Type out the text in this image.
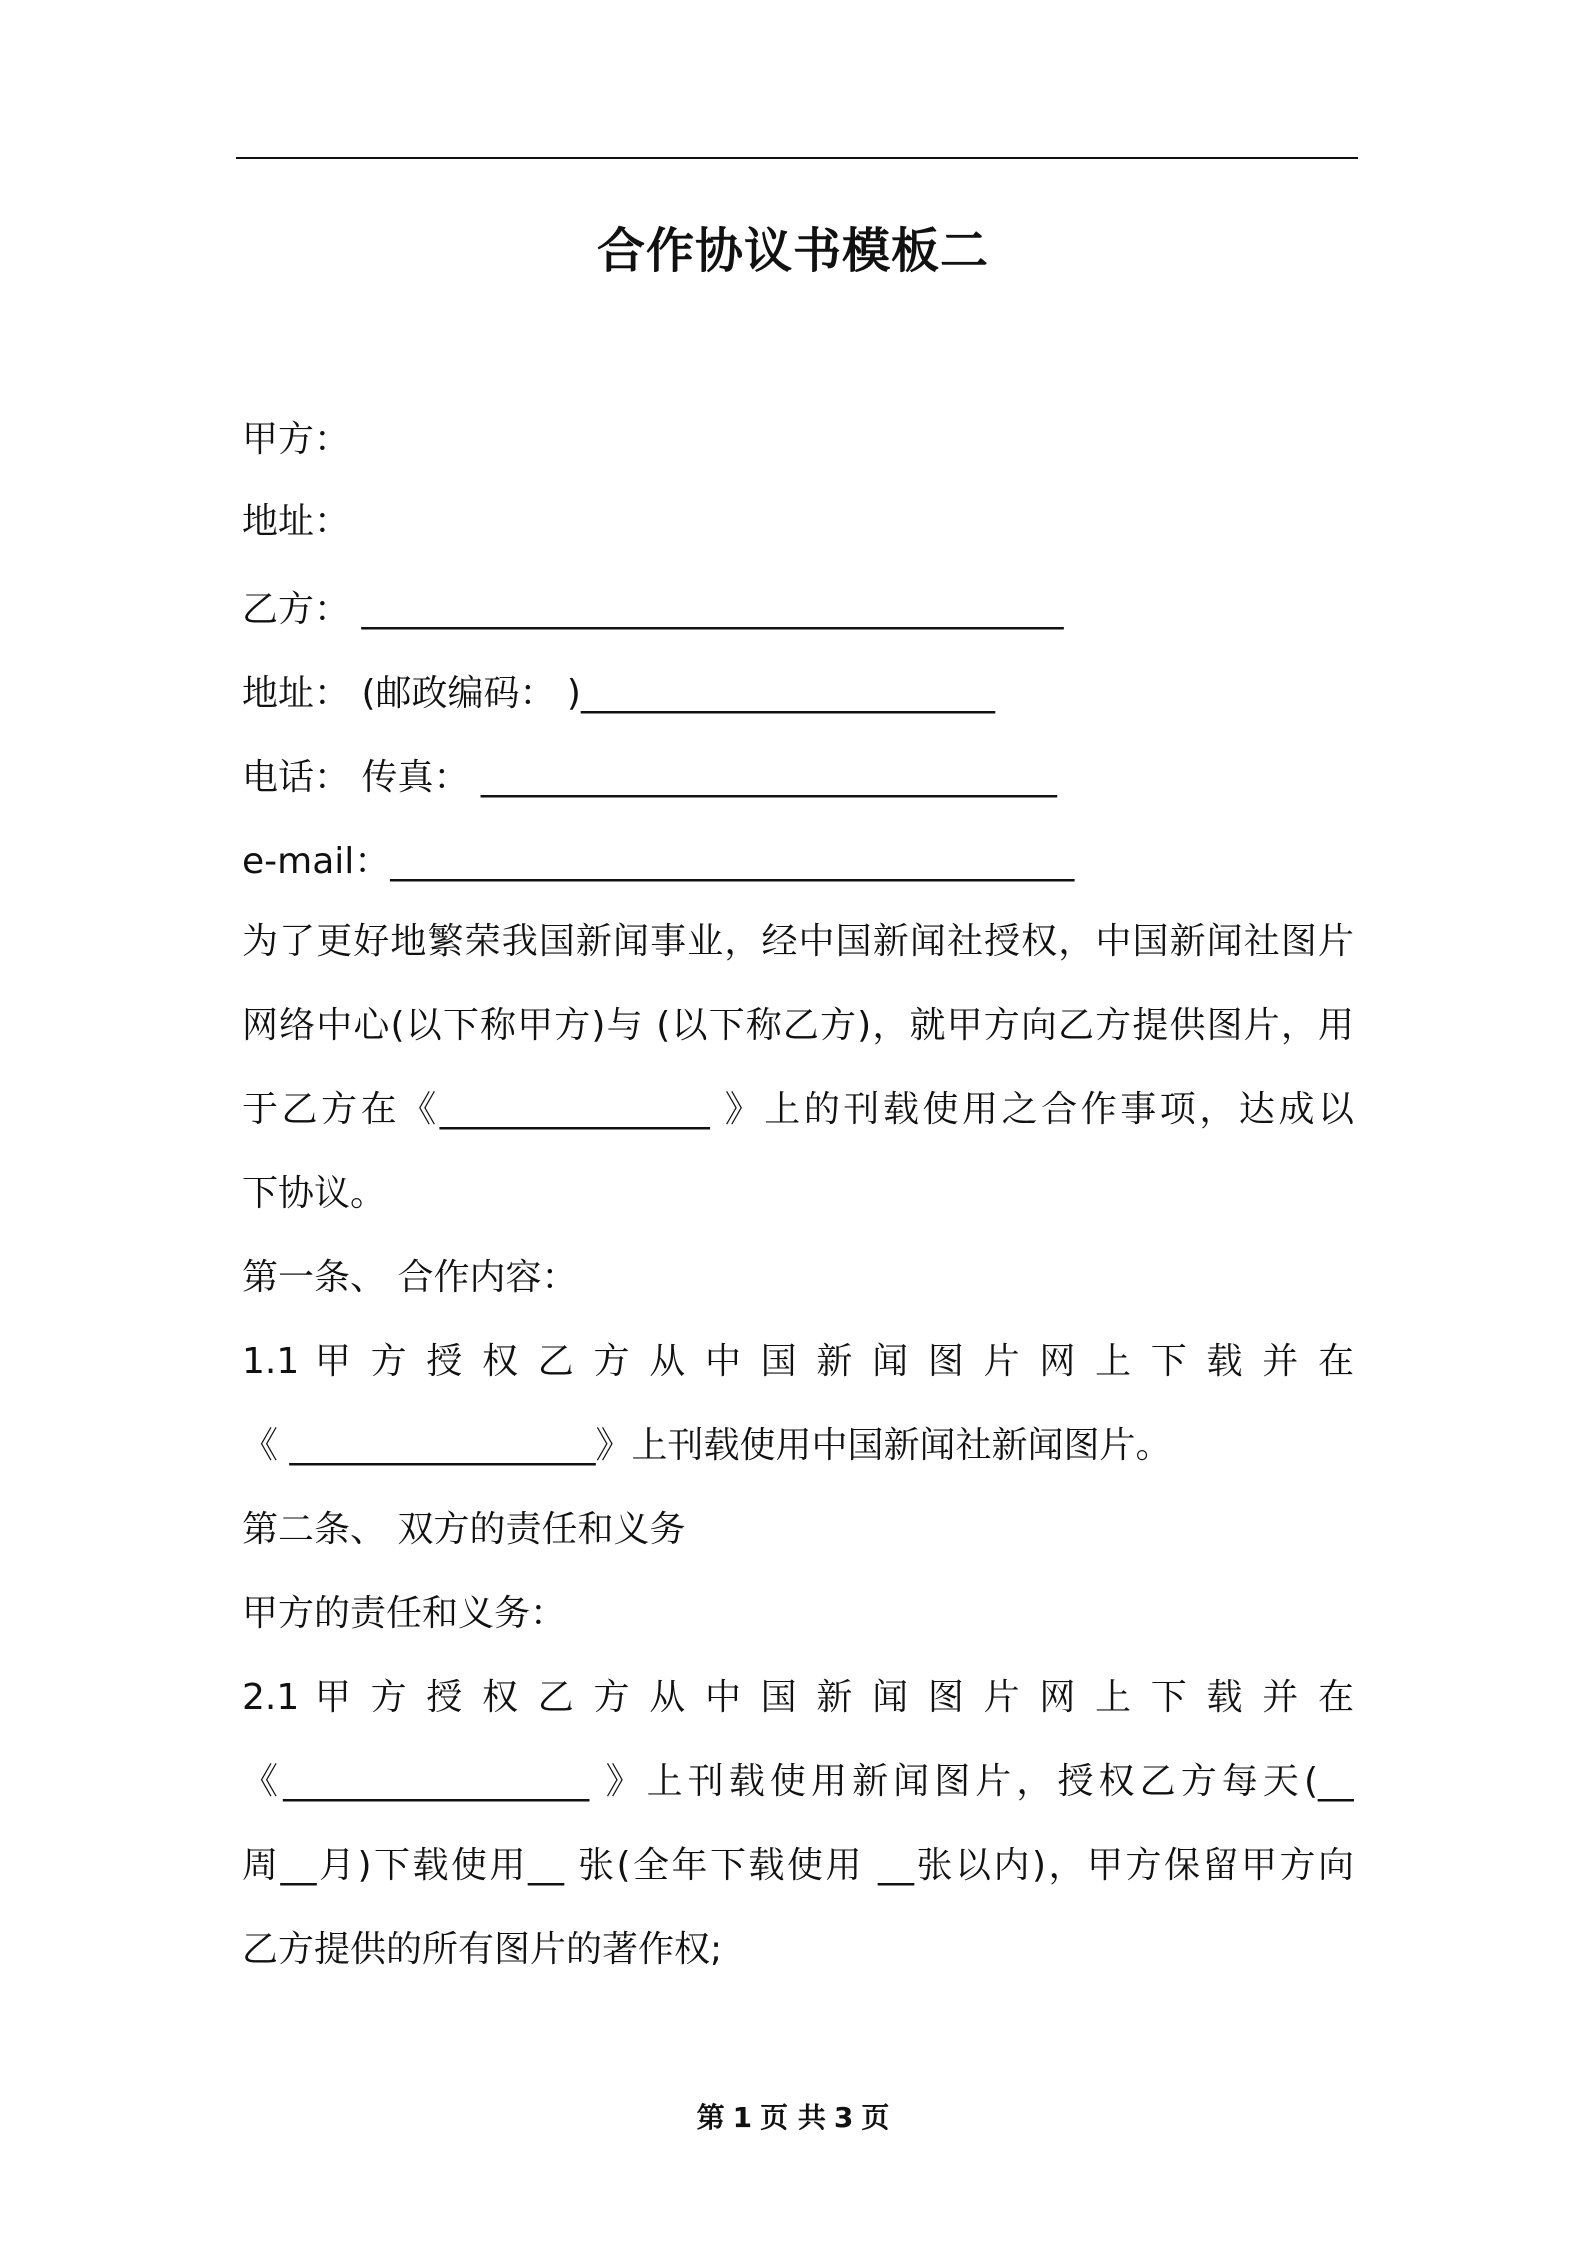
合作协议书模板二
甲方：
地址：
乙方： _______________________________________
地址： (邮政编码： )_______________________
电话： 传真： ________________________________
e-mail：______________________________________
为了更好地繁荣我国新闻事业，经中国新闻社授权，中国新闻社图片
网络中心(以下称甲方)与 (以下称乙方)，就甲方向乙方提供图片，用
于乙方在《_______________ 》上的刊载使用之合作事项，达成以
下协议。
第一条、 合作内容：
1.1 甲 方 授 权 乙 方 从 中 国 新 闻 图 片 网 上 下 载 并 在
《 _________________》上刊载使用中国新闻社新闻图片。
第二条、 双方的责任和义务
甲方的责任和义务：
2.1 甲 方 授 权 乙 方 从 中 国 新 闻 图 片 网 上 下 载 并 在
《_________________ 》上刊载使用新闻图片，授权乙方每天(__
周__月)下载使用__ 张(全年下载使用 __张以内)，甲方保留甲方向
乙方提供的所有图片的著作权;
第 1 页 共 3 页
